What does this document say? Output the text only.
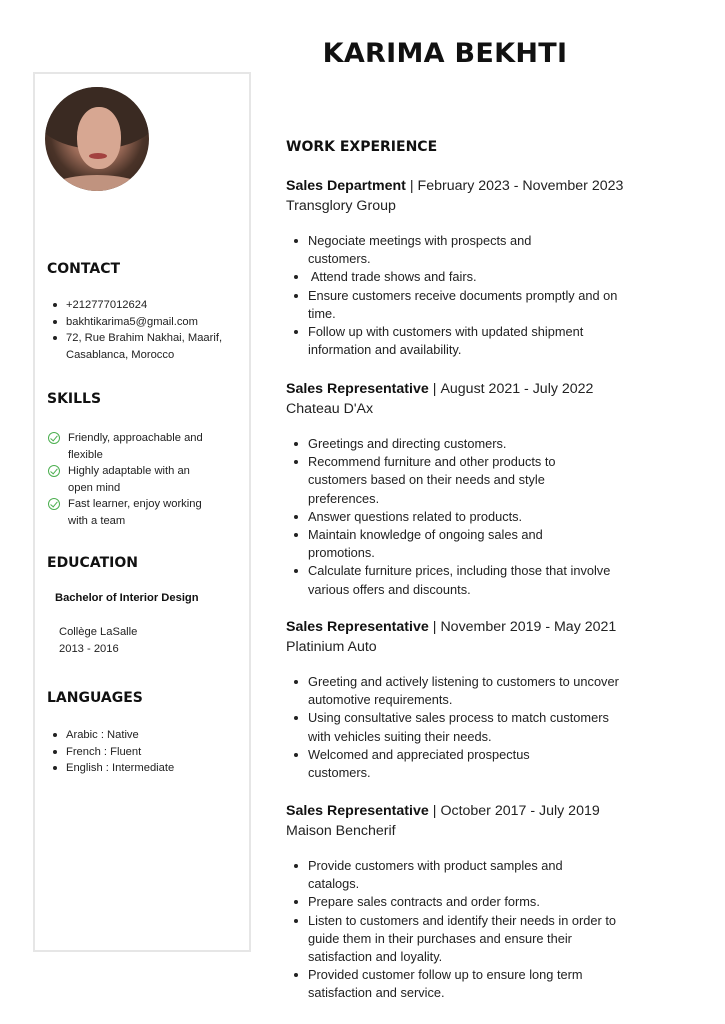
KARIMA BEKHTI
CONTACT
+212777012624
bakhtikarima5@gmail.com
72, Rue Brahim Nakhai, Maarif, Casablanca, Morocco
SKILLS
Friendly, approachable and flexible
Highly adaptable with an open mind
Fast learner, enjoy working with a team
EDUCATION
Bachelor of Interior Design
Collège LaSalle
2013 - 2016
LANGUAGES
Arabic : Native
French : Fluent
English : Intermediate
WORK EXPERIENCE
Sales Department | February 2023 - November 2023
Transglory Group
Negociate meetings with prospects and customers.
Attend trade shows and fairs.
Ensure customers receive documents promptly and on time.
Follow up with customers with updated shipment information and availability.
Sales Representative | August 2021 - July 2022
Chateau D'Ax
Greetings and directing customers.
Recommend furniture and other products to customers based on their needs and style preferences.
Answer questions related to products.
Maintain knowledge of ongoing sales and promotions.
Calculate furniture prices, including those that involve various offers and discounts.
Sales Representative | November 2019 - May 2021
Platinium Auto
Greeting and actively listening to customers to uncover automotive requirements.
Using consultative sales process to match customers with vehicles suiting their needs.
Welcomed and appreciated prospectus customers.
Sales Representative | October 2017 - July 2019
Maison Bencherif
Provide customers with product samples and catalogs.
Prepare sales contracts and order forms.
Listen to customers and identify their needs in order to guide them in their purchases and ensure their satisfaction and loyality.
Provided customer follow up to ensure long term satisfaction and service.
